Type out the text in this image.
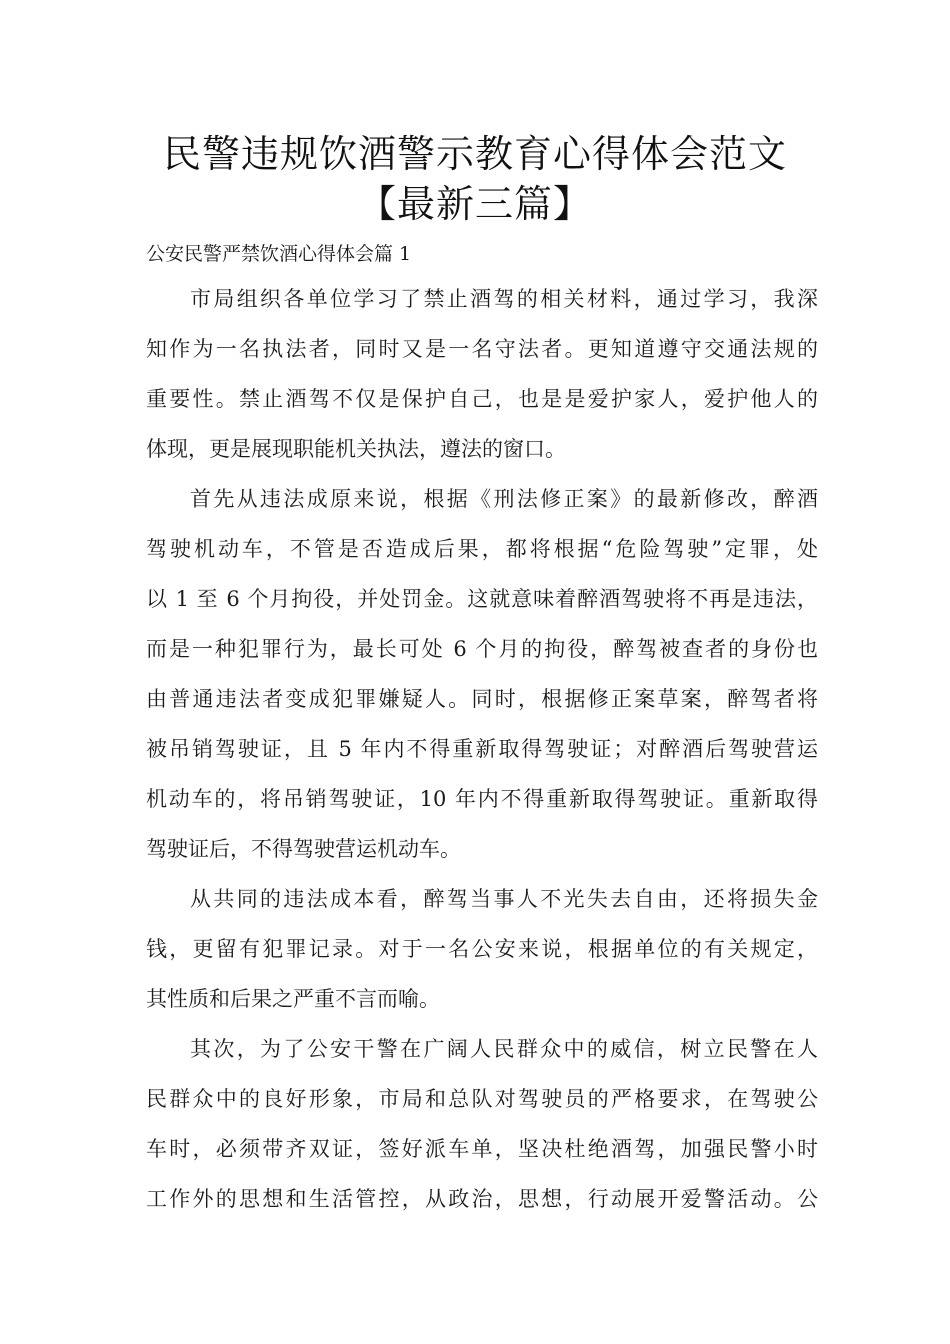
民警违规饮酒警示教育心得体会范文
【最新三篇】
公安民警严禁饮酒心得体会篇 1
市局组织各单位学习了禁止酒驾的相关材料，通过学习，我深
知作为一名执法者，同时又是一名守法者。更知道遵守交通法规的
重要性。禁止酒驾不仅是保护自己，也是是爱护家人，爱护他人的
体现，更是展现职能机关执法，遵法的窗口。
首先从违法成原来说，根据《刑法修正案》的最新修改，醉酒
驾驶机动车，不管是否造成后果，都将根据“危险驾驶”定罪，处
以 1 至 6 个月拘役，并处罚金。这就意味着醉酒驾驶将不再是违法，
而是一种犯罪行为，最长可处 6 个月的拘役，醉驾被查者的身份也
由普通违法者变成犯罪嫌疑人。同时，根据修正案草案，醉驾者将
被吊销驾驶证，且 5 年内不得重新取得驾驶证；对醉酒后驾驶营运
机动车的，将吊销驾驶证，10 年内不得重新取得驾驶证。重新取得
驾驶证后，不得驾驶营运机动车。
从共同的违法成本看，醉驾当事人不光失去自由，还将损失金
钱，更留有犯罪记录。对于一名公安来说，根据单位的有关规定，
其性质和后果之严重不言而喻。
其次，为了公安干警在广阔人民群众中的威信，树立民警在人
民群众中的良好形象，市局和总队对驾驶员的严格要求，在驾驶公
车时，必须带齐双证，签好派车单，坚决杜绝酒驾，加强民警小时
工作外的思想和生活管控，从政治，思想，行动展开爱警活动。公
